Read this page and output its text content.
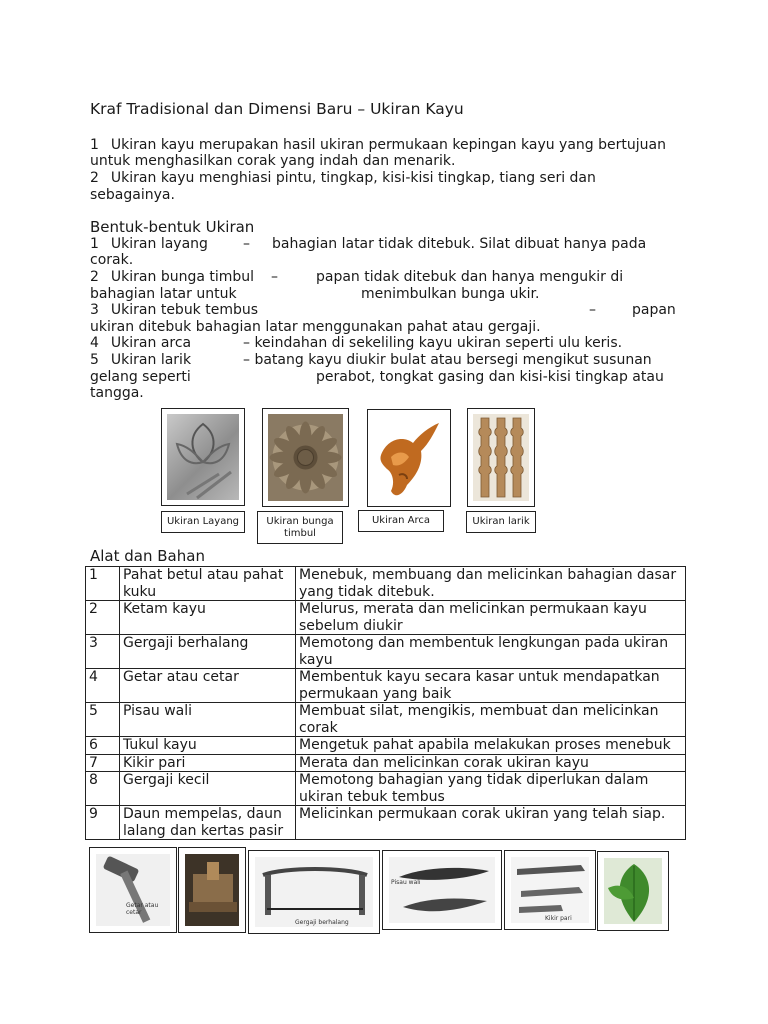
Kraf Tradisional dan Dimensi Baru – Ukiran Kayu
1 Ukiran kayu merupakan hasil ukiran permukaan kepingan kayu yang bertujuan
untuk menghasilkan corak yang indah dan menarik.
2 Ukiran kayu menghiasi pintu, tingkap, kisi-kisi tingkap, tiang seri dan
sebagainya.
Bentuk-bentuk Ukiran
1 Ukiran layang	– bahagian latar tidak ditebuk. Silat dibuat hanya pada
corak.
2 Ukiran bunga timbul –	papan tidak ditebuk dan hanya mengukir di
bahagian latar untuk	menimbulkan bunga ukir.
3 Ukiran tebuk tembus	–	papan
ukiran ditebuk bahagian latar menggunakan pahat atau gergaji.
4 Ukiran arca	– keindahan di sekeliling kayu ukiran seperti ulu keris.
5 Ukiran larik	– batang kayu diukir bulat atau bersegi mengikut susunan
gelang seperti	perabot, tongkat gasing dan kisi-kisi tingkap atau
tangga.
Ukiran Layang	Ukiran bunga timbul
Ukiran Arca	Ukiran larik
Alat dan Bahan
1	Pahat betul atau pahat kuku	Menebuk, membuang dan melicinkan bahagian dasar yang tidak ditebuk.
2	Ketam kayu	Melurus, merata dan melicinkan permukaan kayu sebelum diukir
3	Gergaji berhalang	Memotong dan membentuk lengkungan pada ukiran kayu
4	Getar atau cetar	Membentuk kayu secara kasar untuk mendapatkan permukaan yang baik
5	Pisau wali	Membuat silat, mengikis, membuat dan melicinkan corak
6	Tukul kayu	Mengetuk pahat apabila melakukan proses menebuk
7	Kikir pari	Merata dan melicinkan corak ukiran kayu
8	Gergaji kecil	Memotong bahagian yang tidak diperlukan dalam ukiran tebuk tembus
9	Daun mempelas, daun lalang dan kertas pasir	Melicinkan permukaan corak ukiran yang telah siap.
Getar atau cetar
Gergaji berhalang
Pisau wali
Kikir pari
